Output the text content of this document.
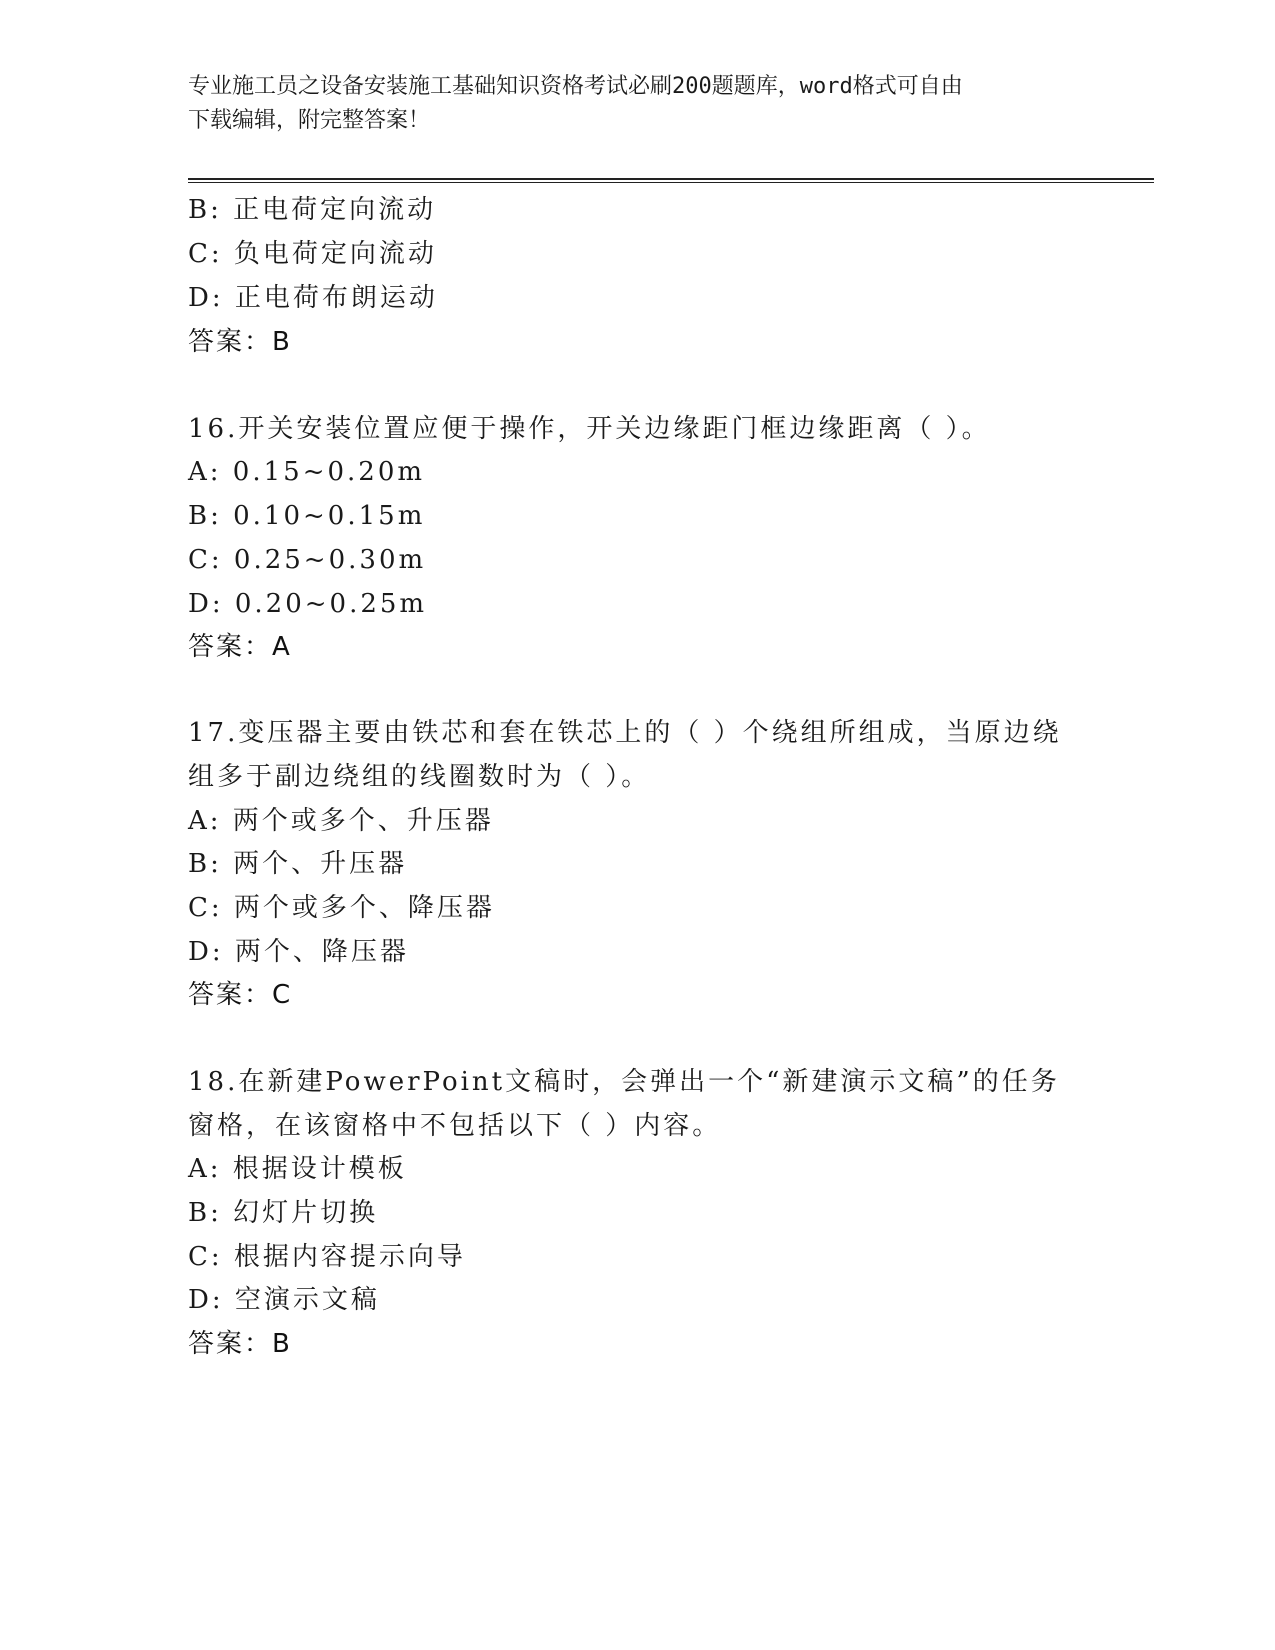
专业施工员之设备安装施工基础知识资格考试必刷200题题库，word格式可自由
下载编辑，附完整答案！
B: 正电荷定向流动
C: 负电荷定向流动
D: 正电荷布朗运动
答案：B
16.开关安装位置应便于操作，开关边缘距门框边缘距离（ ）。
A: 0.15~0.20m
B: 0.10~0.15m
C: 0.25~0.30m
D: 0.20~0.25m
答案：A
17.变压器主要由铁芯和套在铁芯上的（ ）个绕组所组成，当原边绕
组多于副边绕组的线圈数时为（ ）。
A: 两个或多个、升压器
B: 两个、升压器
C: 两个或多个、降压器
D: 两个、降压器
答案：C
18.在新建PowerPoint文稿时，会弹出一个“新建演示文稿”的任务
窗格，在该窗格中不包括以下（ ）内容。
A: 根据设计模板
B: 幻灯片切换
C: 根据内容提示向导
D: 空演示文稿
答案：B
